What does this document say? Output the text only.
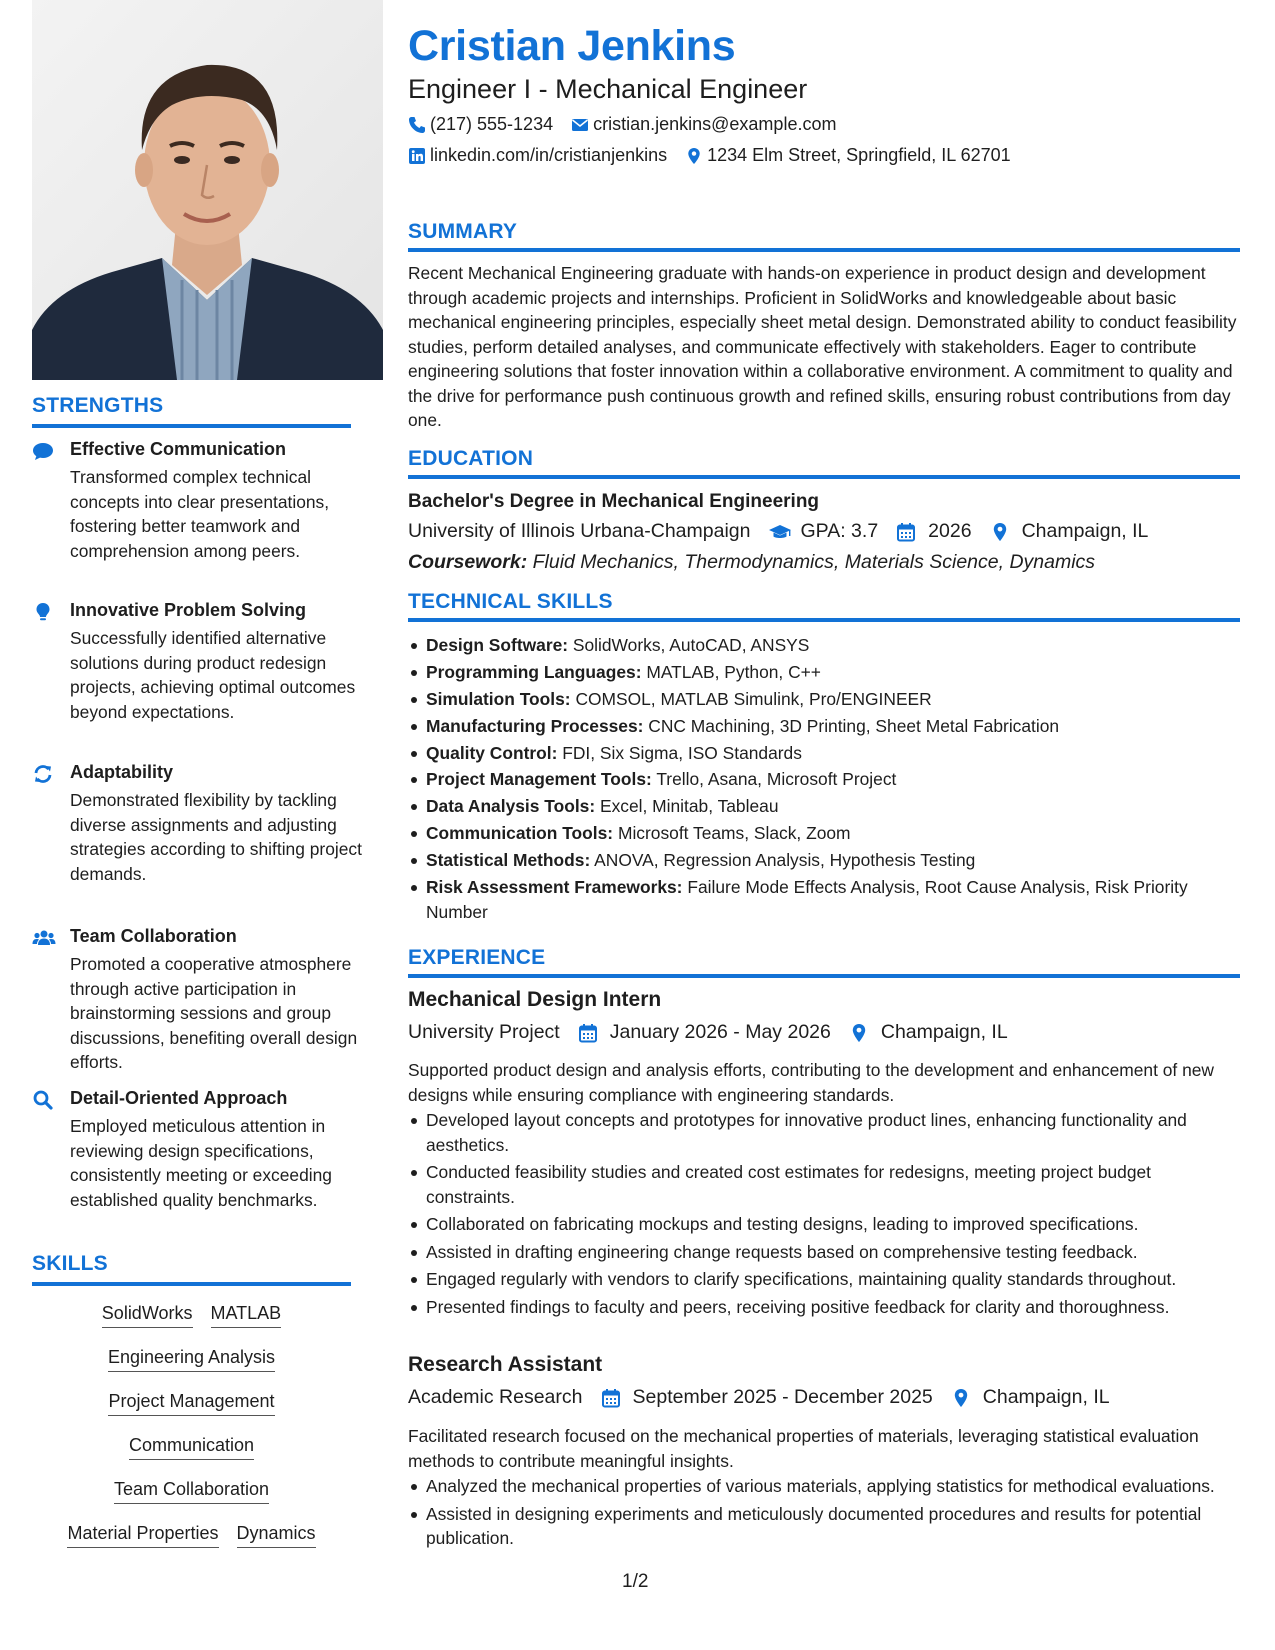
STRENGTHS
Effective Communication
Transformed complex technical concepts into clear presentations, fostering better teamwork and comprehension among peers.
Innovative Problem Solving
Successfully identified alternative solutions during product redesign projects, achieving optimal outcomes beyond expectations.
Adaptability
Demonstrated flexibility by tackling diverse assignments and adjusting strategies according to shifting project demands.
Team Collaboration
Promoted a cooperative atmosphere through active participation in brainstorming sessions and group discussions, benefiting overall design efforts.
Detail-Oriented Approach
Employed meticulous attention in reviewing design specifications, consistently meeting or exceeding established quality benchmarks.
SKILLS
SolidWorks MATLAB
Engineering Analysis
Project Management
Communication
Team Collaboration
Material Properties Dynamics
Cristian Jenkins
Engineer I - Mechanical Engineer
(217) 555-1234 cristian.jenkins@example.com
linkedin.com/in/cristianjenkins 1234 Elm Street, Springfield, IL 62701
SUMMARY
Recent Mechanical Engineering graduate with hands-on experience in product design and development through academic projects and internships. Proficient in SolidWorks and knowledgeable about basic mechanical engineering principles, especially sheet metal design. Demonstrated ability to conduct feasibility studies, perform detailed analyses, and communicate effectively with stakeholders. Eager to contribute engineering solutions that foster innovation within a collaborative environment. A commitment to quality and the drive for performance push continuous growth and refined skills, ensuring robust contributions from day one.
EDUCATION
Bachelor's Degree in Mechanical Engineering
University of Illinois Urbana-Champaign	GPA: 3.7	2026	Champaign, IL
Coursework: Fluid Mechanics, Thermodynamics, Materials Science, Dynamics
TECHNICAL SKILLS
Design Software: SolidWorks, AutoCAD, ANSYS
Programming Languages: MATLAB, Python, C++
Simulation Tools: COMSOL, MATLAB Simulink, Pro/ENGINEER
Manufacturing Processes: CNC Machining, 3D Printing, Sheet Metal Fabrication
Quality Control: FDI, Six Sigma, ISO Standards
Project Management Tools: Trello, Asana, Microsoft Project
Data Analysis Tools: Excel, Minitab, Tableau
Communication Tools: Microsoft Teams, Slack, Zoom
Statistical Methods: ANOVA, Regression Analysis, Hypothesis Testing
Risk Assessment Frameworks: Failure Mode Effects Analysis, Root Cause Analysis, Risk Priority Number
EXPERIENCE
Mechanical Design Intern
University Project	January 2026 - May 2026	Champaign, IL
Supported product design and analysis efforts, contributing to the development and enhancement of new designs while ensuring compliance with engineering standards.
Developed layout concepts and prototypes for innovative product lines, enhancing functionality and aesthetics.
Conducted feasibility studies and created cost estimates for redesigns, meeting project budget constraints.
Collaborated on fabricating mockups and testing designs, leading to improved specifications.
Assisted in drafting engineering change requests based on comprehensive testing feedback.
Engaged regularly with vendors to clarify specifications, maintaining quality standards throughout.
Presented findings to faculty and peers, receiving positive feedback for clarity and thoroughness.
Research Assistant
Academic Research	September 2025 - December 2025	Champaign, IL
Facilitated research focused on the mechanical properties of materials, leveraging statistical evaluation methods to contribute meaningful insights.
Analyzed the mechanical properties of various materials, applying statistics for methodical evaluations.
Assisted in designing experiments and meticulously documented procedures and results for potential publication.
1/2
